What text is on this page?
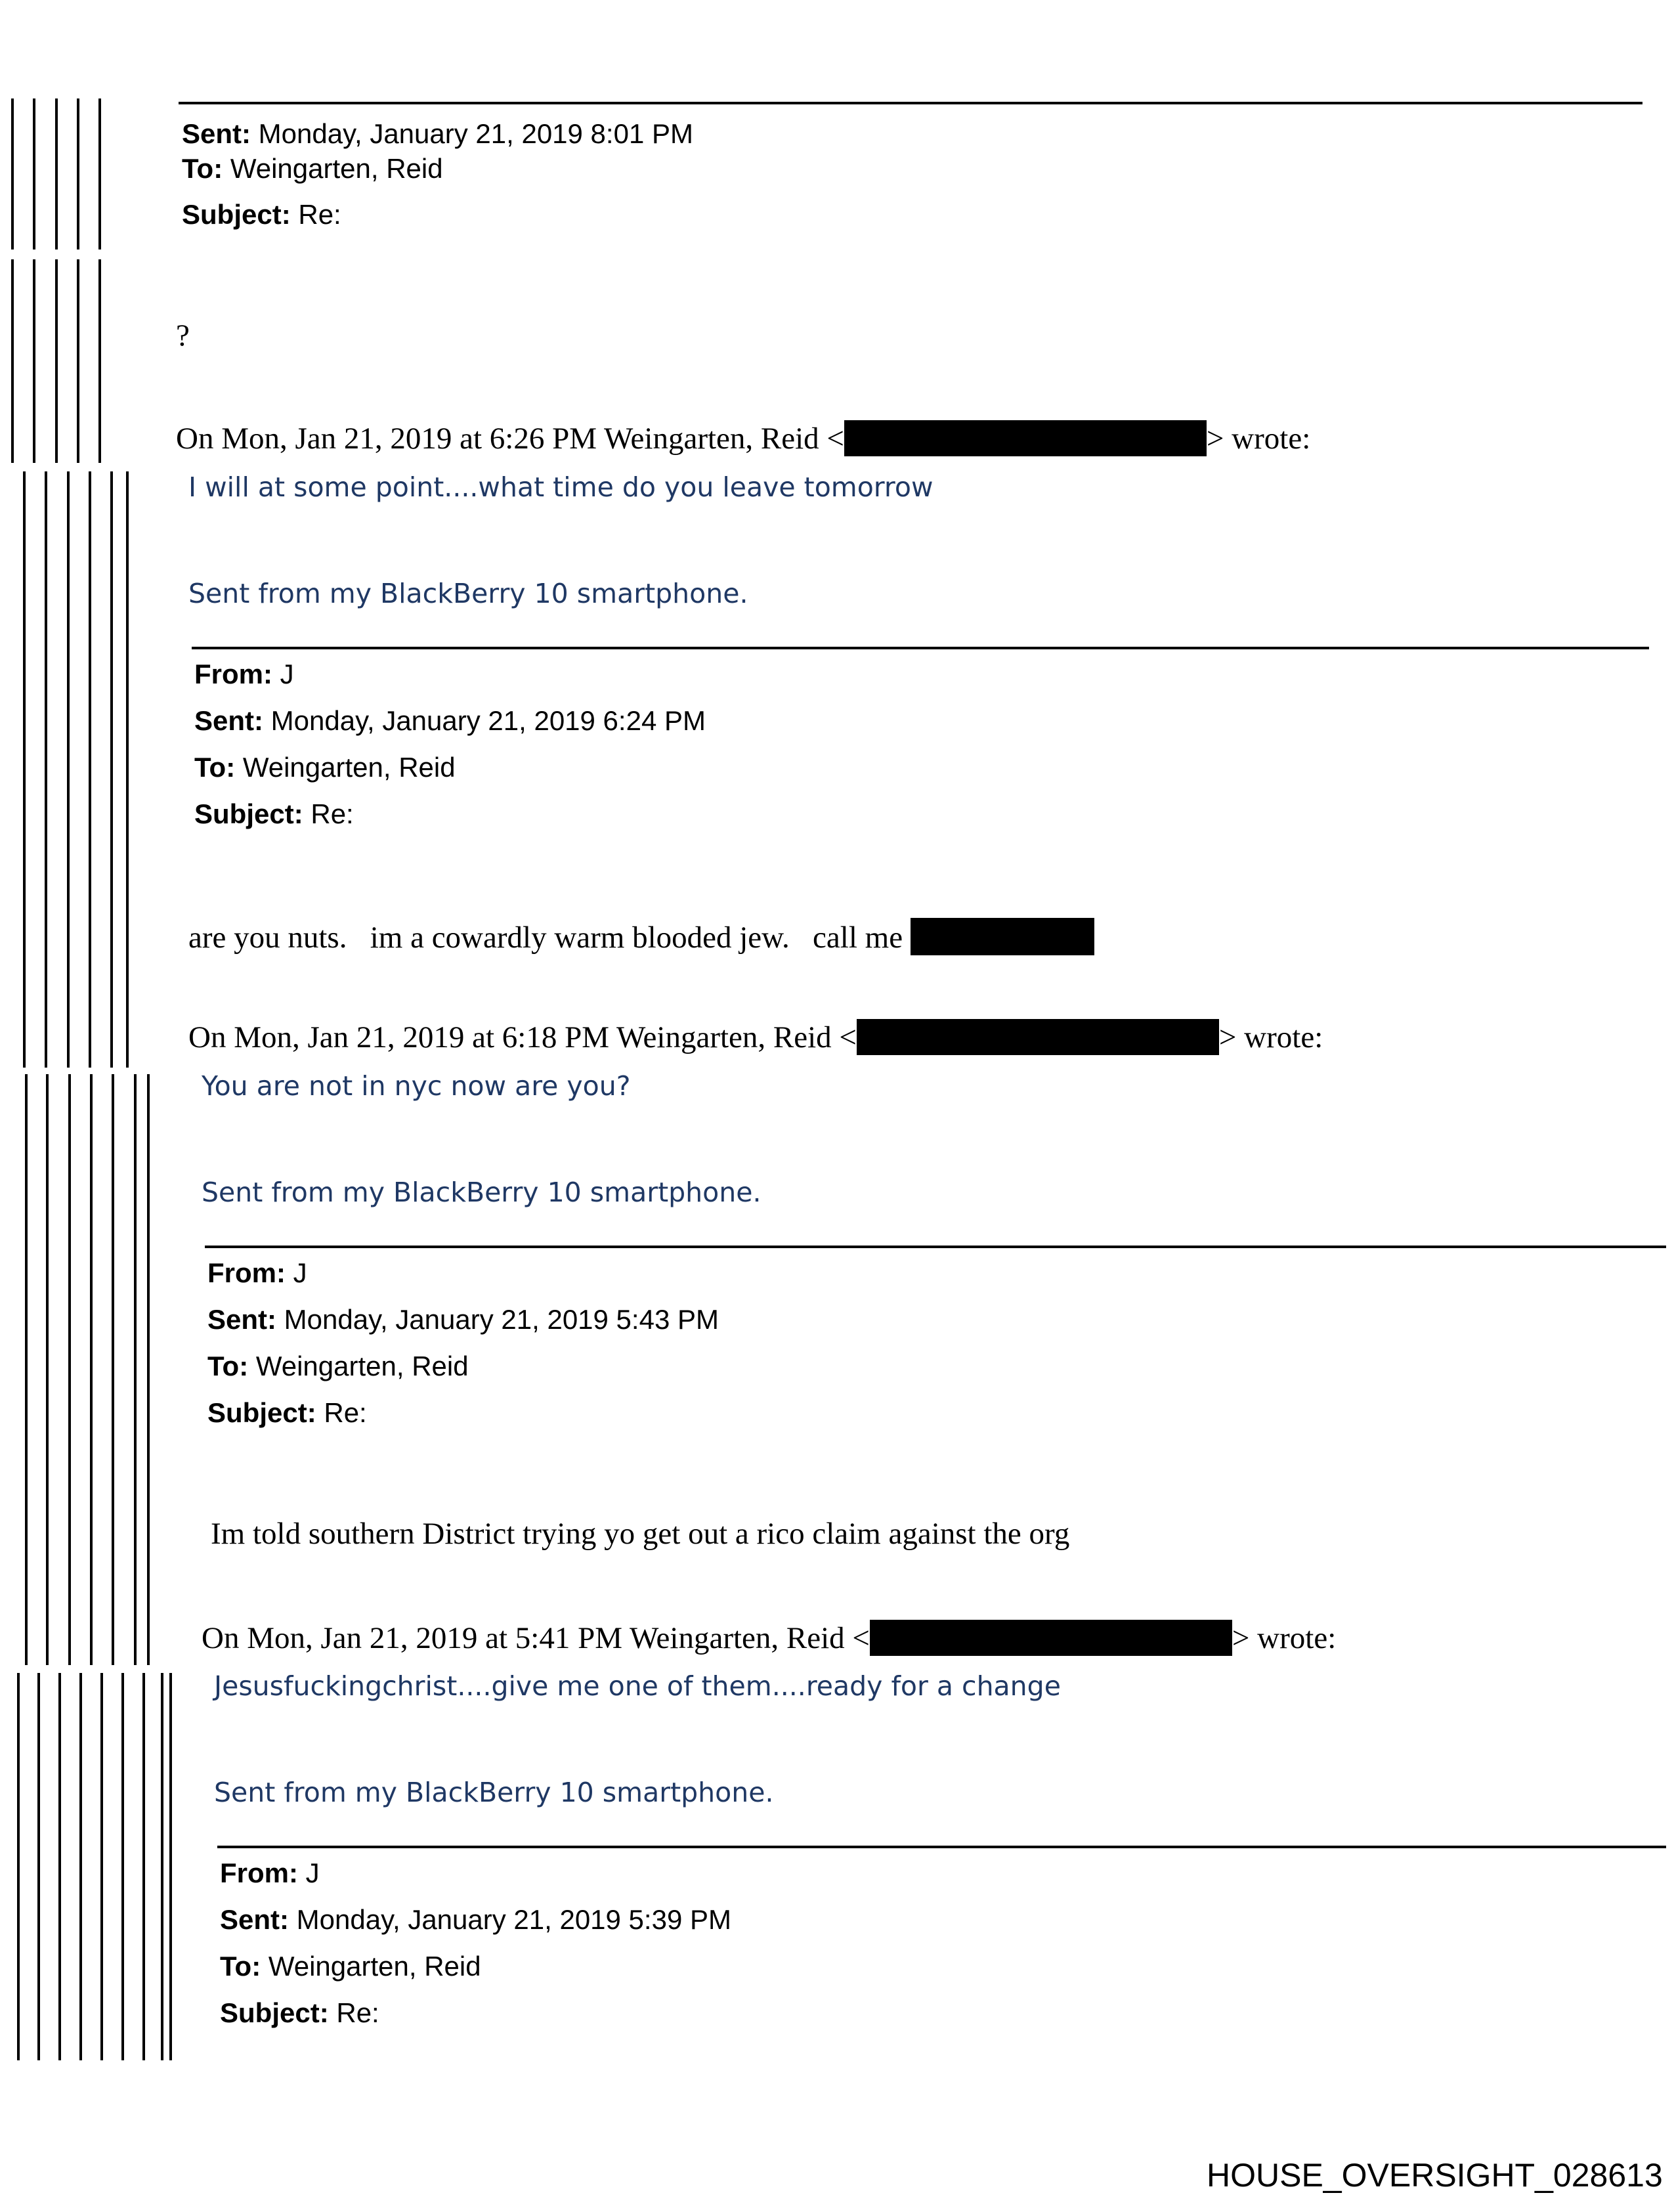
Sent: Monday, January 21, 2019 8:01 PM
To: Weingarten, Reid
Subject: Re:
?
On Mon, Jan 21, 2019 at 6:26 PM Weingarten, Reid <	> wrote:
I will at some point....what time do you leave tomorrow
Sent from my BlackBerry 10 smartphone.
From: J
Sent: Monday, January 21, 2019 6:24 PM
To: Weingarten, Reid
Subject: Re:
are you nuts.   im a cowardly warm blooded jew.   call me
On Mon, Jan 21, 2019 at 6:18 PM Weingarten, Reid <	> wrote:
You are not in nyc now are you?
Sent from my BlackBerry 10 smartphone.
From: J
Sent: Monday, January 21, 2019 5:43 PM
To: Weingarten, Reid
Subject: Re:
Im told southern District trying yo get out a rico claim against the org
On Mon, Jan 21, 2019 at 5:41 PM Weingarten, Reid <	> wrote:
Jesusfuckingchrist....give me one of them....ready for a change
Sent from my BlackBerry 10 smartphone.
From: J
Sent: Monday, January 21, 2019 5:39 PM
To: Weingarten, Reid
Subject: Re:
HOUSE_OVERSIGHT_028613
